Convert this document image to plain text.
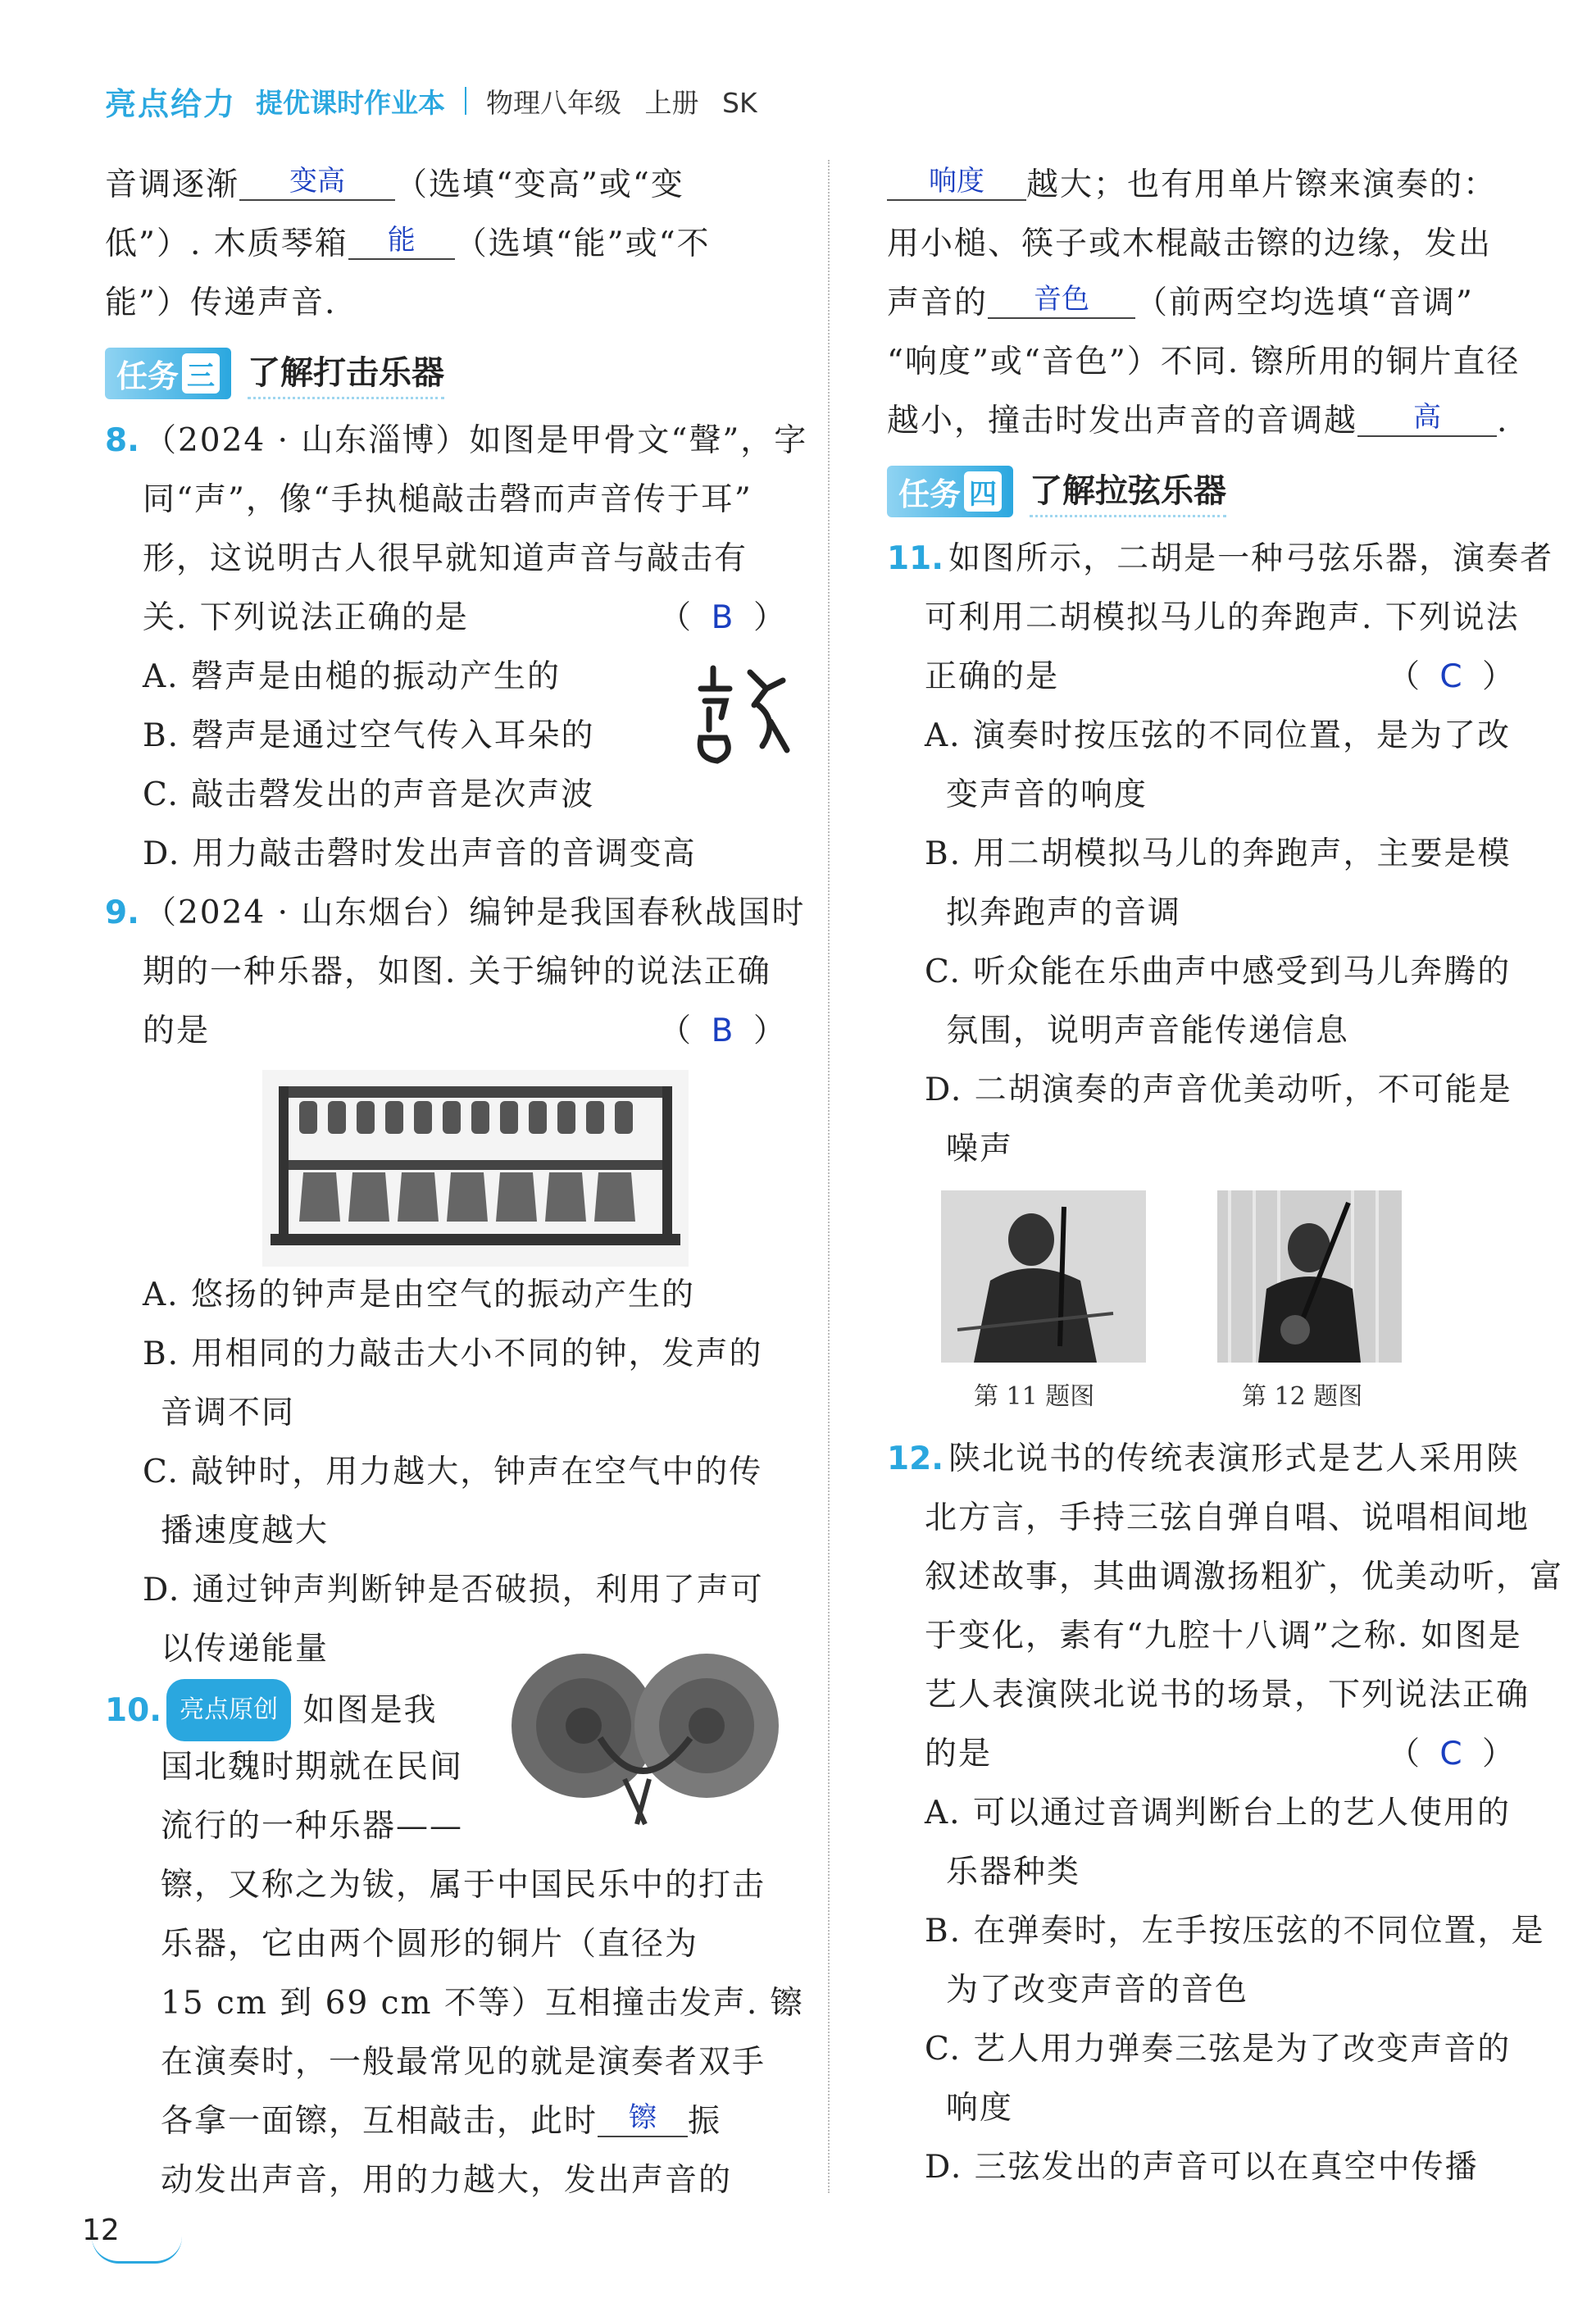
亮点给力 提优课时作业本 物理八年级 上册 SK

音调逐渐 变高 （选填“变高”或“变

低”）. 木质琴箱 能 （选填“能”或“不

能”）传递声音.

任务 三 了解打击乐器

8. （2024 · 山东淄博）如图是甲骨文“聲”，字

同“声”，像“手执槌敲击磬而声音传于耳”

形，这说明古人很早就知道声音与敲击有

关. 下列说法正确的是	（ B ）

A. 磬声是由槌的振动产生的

B. 磬声是通过空气传入耳朵的

C. 敲击磬发出的声音是次声波

D. 用力敲击磬时发出声音的音调变高

9. （2024 · 山东烟台）编钟是我国春秋战国时

期的一种乐器，如图. 关于编钟的说法正确

的是	（ B ）

A. 悠扬的钟声是由空气的振动产生的

B. 用相同的力敲击大小不同的钟，发声的

音调不同

C. 敲钟时，用力越大，钟声在空气中的传

播速度越大

D. 通过钟声判断钟是否破损，利用了声可

以传递能量

10. 亮点原创 如图是我

国北魏时期就在民间

流行的一种乐器——

镲，又称之为钹，属于中国民乐中的打击

乐器，它由两个圆形的铜片（直径为

15 cm 到 69 cm 不等）互相撞击发声. 镲

在演奏时，一般最常见的就是演奏者双手

各拿一面镲，互相敲击，此时 镲 振

动发出声音，用的力越大，发出声音的

响度 越大；也有用单片镲来演奏的：

用小槌、筷子或木棍敲击镲的边缘，发出

声音的 音色 （前两空均选填“音调”

“响度”或“音色”）不同. 镲所用的铜片直径

越小，撞击时发出声音的音调越 高 .

任务 四 了解拉弦乐器

11. 如图所示，二胡是一种弓弦乐器，演奏者

可利用二胡模拟马儿的奔跑声. 下列说法

正确的是	（ C ）

A. 演奏时按压弦的不同位置，是为了改

变声音的响度

B. 用二胡模拟马儿的奔跑声，主要是模

拟奔跑声的音调

C. 听众能在乐曲声中感受到马儿奔腾的

氛围，说明声音能传递信息

D. 二胡演奏的声音优美动听，不可能是

噪声

12. 陕北说书的传统表演形式是艺人采用陕

北方言，手持三弦自弹自唱、说唱相间地

叙述故事，其曲调激扬粗犷，优美动听，富

于变化，素有“九腔十八调”之称. 如图是

艺人表演陕北说书的场景，下列说法正确

的是	（ C ）

A. 可以通过音调判断台上的艺人使用的

乐器种类

B. 在弹奏时，左手按压弦的不同位置，是

为了改变声音的音色

C. 艺人用力弹奏三弦是为了改变声音的

响度

D. 三弦发出的声音可以在真空中传播

第 11 题图	第 12 题图
12
